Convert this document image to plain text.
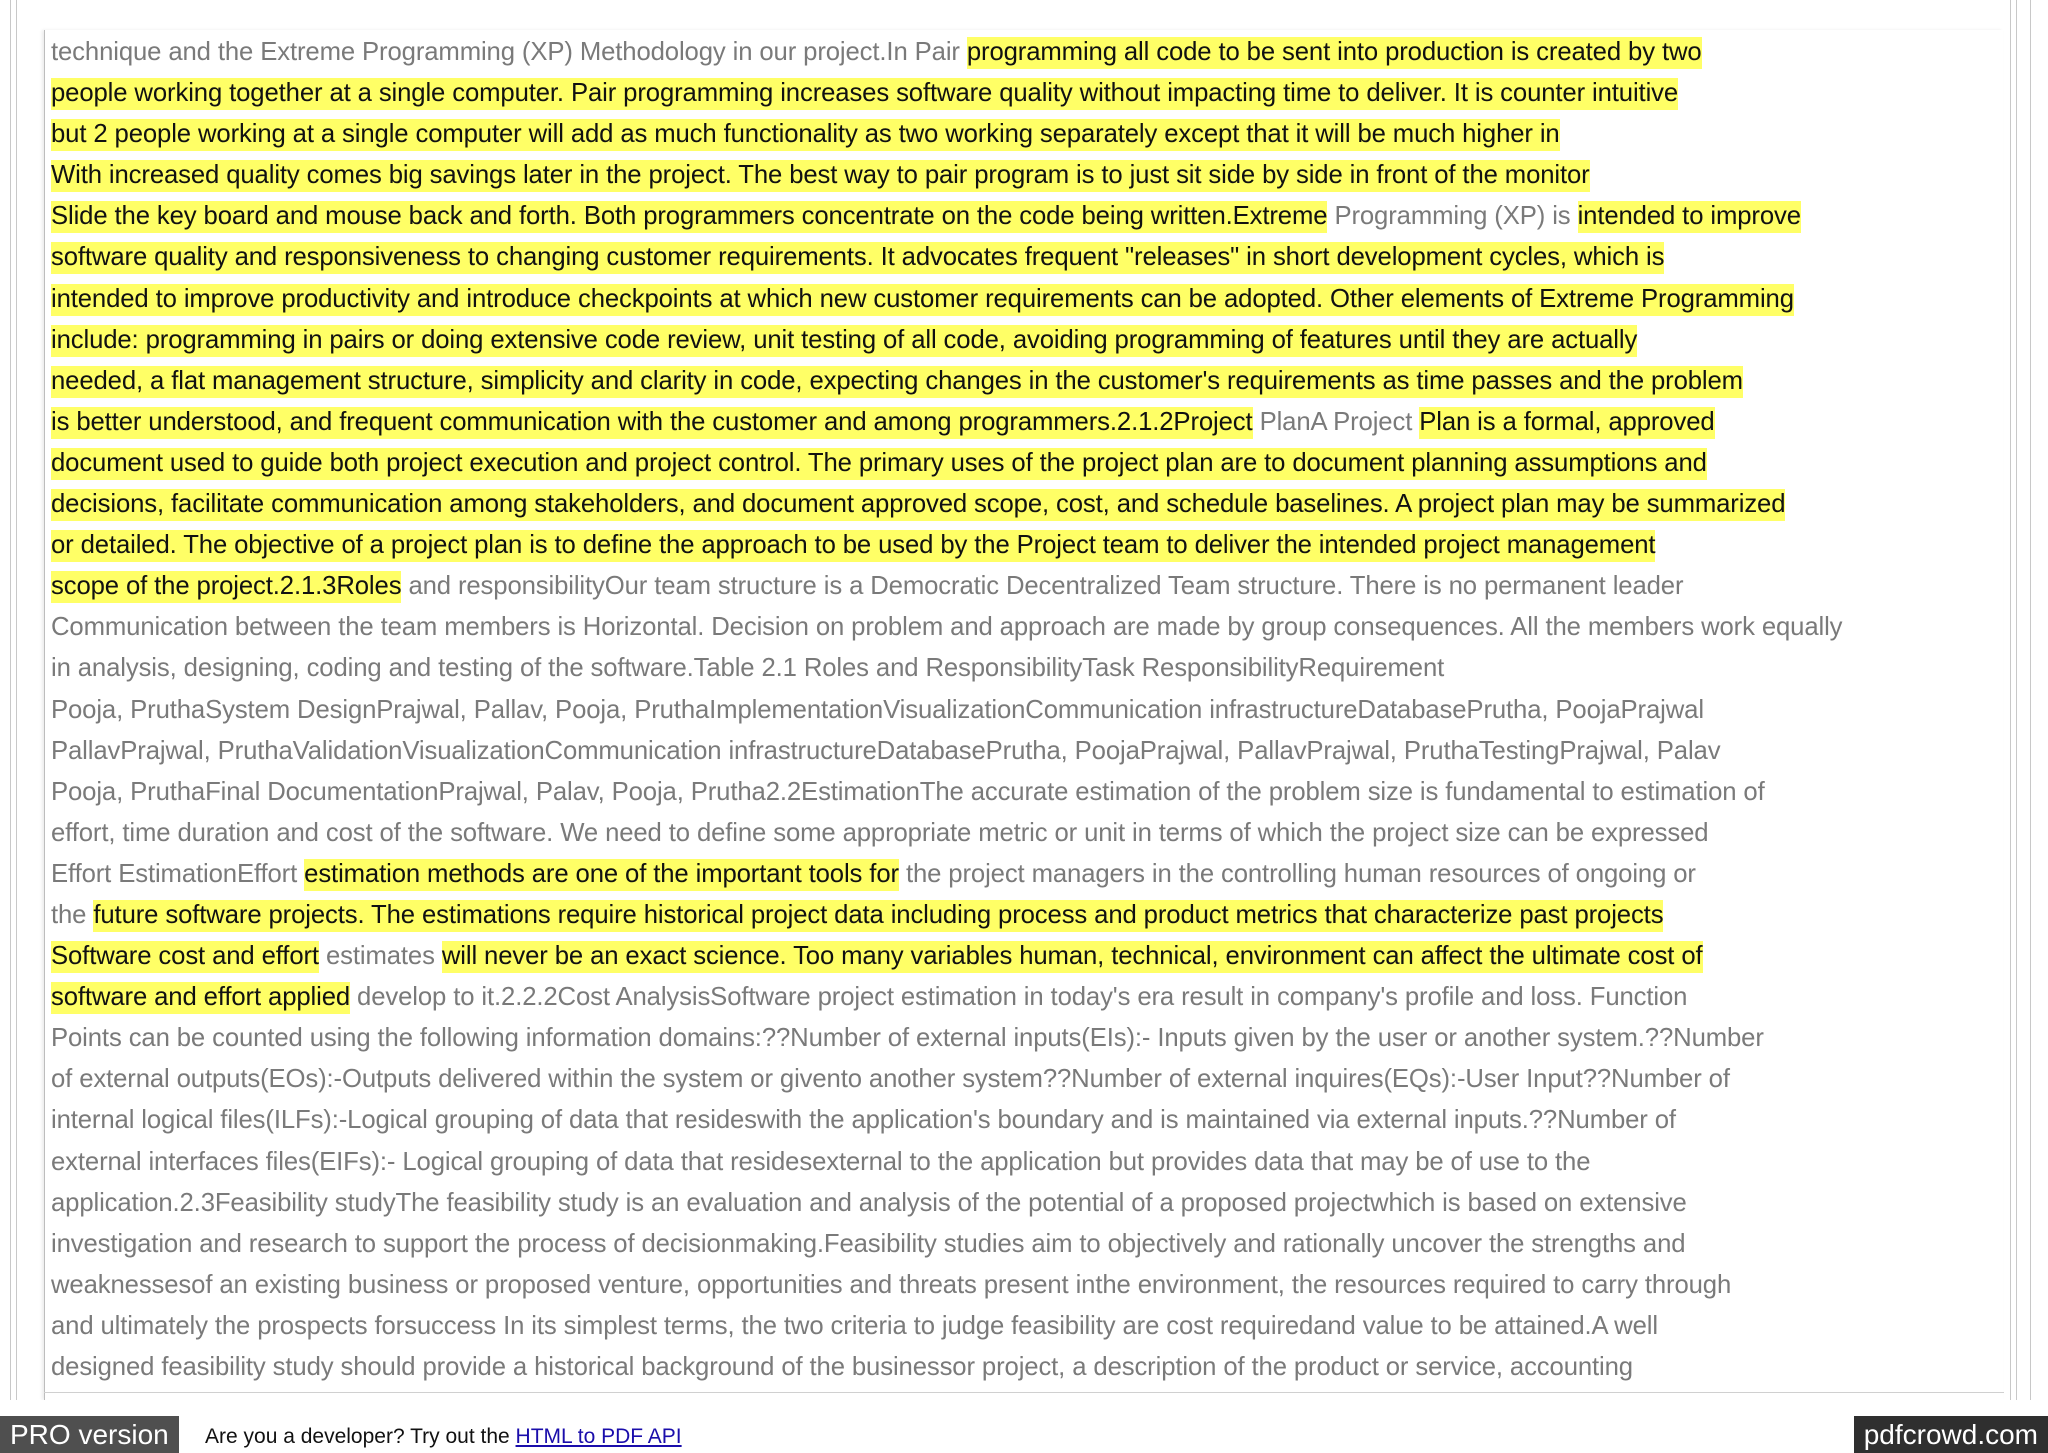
technique and the Extreme Programming (XP) Methodology in our project.In Pair programming all code to be sent into production is created by two
people working together at a single computer. Pair programming increases software quality without impacting time to deliver. It is counter intuitive
but 2 people working at a single computer will add as much functionality as two working separately except that it will be much higher in
With increased quality comes big savings later in the project. The best way to pair program is to just sit side by side in front of the monitor
Slide the key board and mouse back and forth. Both programmers concentrate on the code being written.Extreme Programming (XP) is intended to improve
software quality and responsiveness to changing customer requirements. It advocates frequent "releases" in short development cycles, which is
intended to improve productivity and introduce checkpoints at which new customer requirements can be adopted. Other elements of Extreme Programming
include: programming in pairs or doing extensive code review, unit testing of all code, avoiding programming of features until they are actually
needed, a flat management structure, simplicity and clarity in code, expecting changes in the customer's requirements as time passes and the problem
is better understood, and frequent communication with the customer and among programmers.2.1.2Project PlanA Project Plan is a formal, approved
document used to guide both project execution and project control. The primary uses of the project plan are to document planning assumptions and
decisions, facilitate communication among stakeholders, and document approved scope, cost, and schedule baselines. A project plan may be summarized
or detailed. The objective of a project plan is to define the approach to be used by the Project team to deliver the intended project management
scope of the project.2.1.3Roles and responsibilityOur team structure is a Democratic Decentralized Team structure. There is no permanent leader
Communication between the team members is Horizontal. Decision on problem and approach are made by group consequences. All the members work equally
in analysis, designing, coding and testing of the software.Table 2.1 Roles and ResponsibilityTask ResponsibilityRequirement
Pooja, PruthaSystem DesignPrajwal, Pallav, Pooja, PruthaImplementationVisualizationCommunication infrastructureDatabasePrutha, PoojaPrajwal
PallavPrajwal, PruthaValidationVisualizationCommunication infrastructureDatabasePrutha, PoojaPrajwal, PallavPrajwal, PruthaTestingPrajwal, Palav
Pooja, PruthaFinal DocumentationPrajwal, Palav, Pooja, Prutha2.2EstimationThe accurate estimation of the problem size is fundamental to estimation of
effort, time duration and cost of the software. We need to define some appropriate metric or unit in terms of which the project size can be expressed
Effort EstimationEffort estimation methods are one of the important tools for the project managers in the controlling human resources of ongoing or
the future software projects. The estimations require historical project data including process and product metrics that characterize past projects
Software cost and effort estimates will never be an exact science. Too many variables human, technical, environment can affect the ultimate cost of
software and effort applied develop to it.2.2.2Cost AnalysisSoftware project estimation in today's era result in company's profile and loss. Function
Points can be counted using the following information domains:??Number of external inputs(EIs):- Inputs given by the user or another system.??Number
of external outputs(EOs):-Outputs delivered within the system or givento another system??Number of external inquires(EQs):-User Input??Number of
internal logical files(ILFs):-Logical grouping of data that resideswith the application's boundary and is maintained via external inputs.??Number of
external interfaces files(EIFs):- Logical grouping of data that residesexternal to the application but provides data that may be of use to the
application.2.3Feasibility studyThe feasibility study is an evaluation and analysis of the potential of a proposed projectwhich is based on extensive
investigation and research to support the process of decisionmaking.Feasibility studies aim to objectively and rationally uncover the strengths and
weaknessesof an existing business or proposed venture, opportunities and threats present inthe environment, the resources required to carry through
and ultimately the prospects forsuccess In its simplest terms, the two criteria to judge feasibility are cost requiredand value to be attained.A well
designed feasibility study should provide a historical background of the businessor project, a description of the product or service, accounting
PRO version	Are you a developer? Try out the HTML to PDF API	pdfcrowd.com
